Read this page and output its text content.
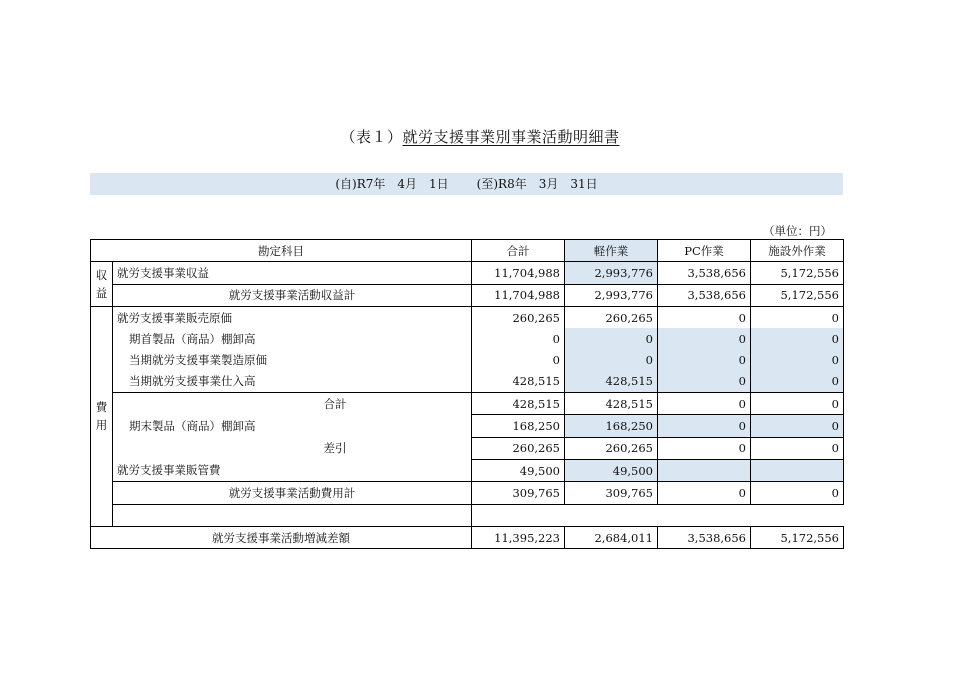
（表１）就労支援事業別事業活動明細書
(自)R7年　4月　1日 (至)R8年　3月　31日
（単位：円）
勘定科目		合計	軽作業	PC作業	施設外作業

収
益	就労支援事業収益	11,704,988	2,993,776	3,538,656	5,172,556
	就労支援事業活動収益計	11,704,988	2,993,776	3,538,656	5,172,556

費
用	就労支援事業販売原価	260,265	260,265	0	0
	期首製品（商品）棚卸高	0	0	0	0
	当期就労支援事業製造原価	0	0	0	0
	当期就労支援事業仕入高	428,515	428,515	0	0
	合計	428,515	428,515	0	0
	期末製品（商品）棚卸高	168,250	168,250	0	0
	差引	260,265	260,265	0	0
	就労支援事業販管費	49,500	49,500		
	就労支援事業活動費用計	309,765	309,765	0	0

就労支援事業活動増減差額		11,395,223	2,684,011	3,538,656	5,172,556
